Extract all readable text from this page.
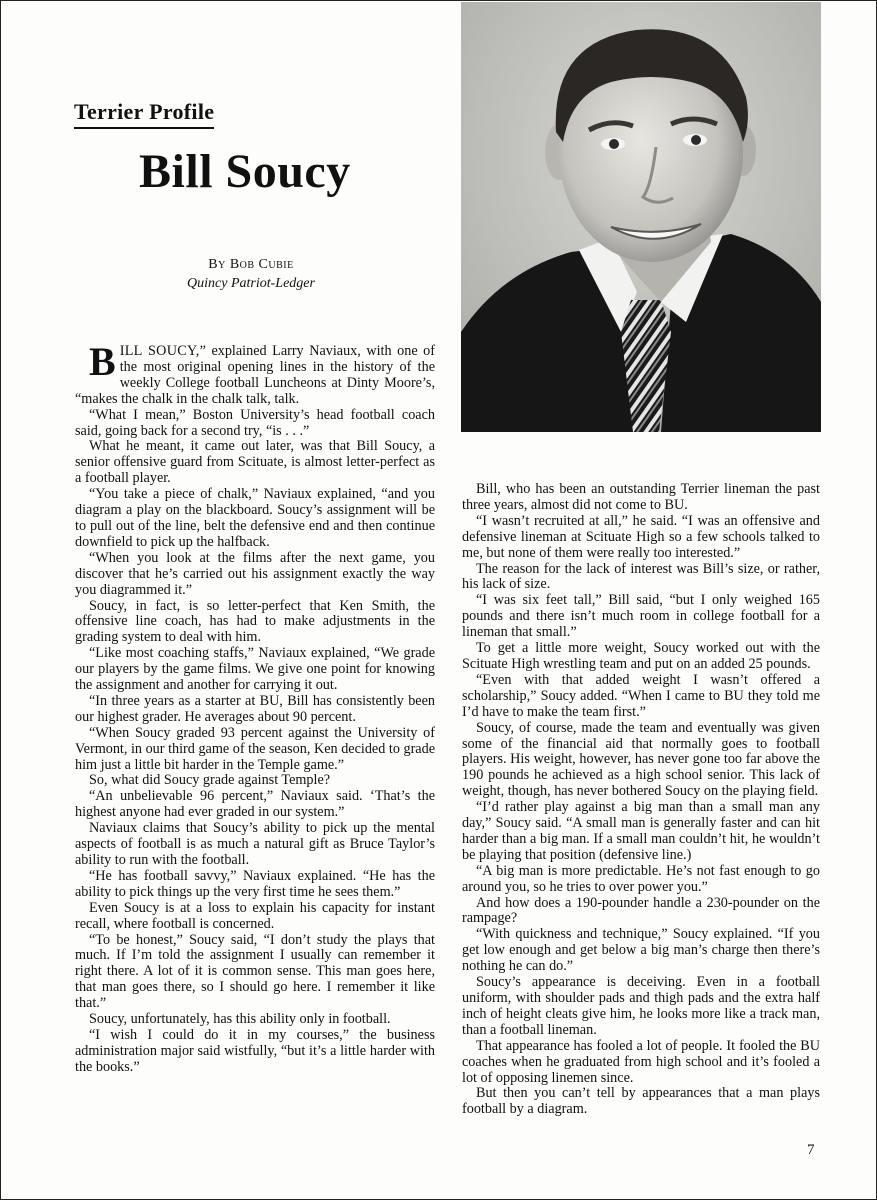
Terrier Profile
Bill Soucy
By Bob Cubie
Quincy Patriot-Ledger

BILL SOUCY,” explained Larry Naviaux, with one of the most original opening lines in the history of the weekly College football Luncheons at Dinty Moore’s, “makes the chalk in the chalk talk, talk.

“What I mean,” Boston University’s head football coach said, going back for a second try, “is . . .”

What he meant, it came out later, was that Bill Soucy, a senior offensive guard from Scituate, is almost letter-perfect as a football player.

“You take a piece of chalk,” Naviaux explained, “and you diagram a play on the blackboard. Soucy’s assignment will be to pull out of the line, belt the defensive end and then continue downfield to pick up the halfback.

“When you look at the films after the next game, you discover that he’s carried out his assignment exactly the way you diagrammed it.”

Soucy, in fact, is so letter-perfect that Ken Smith, the offensive line coach, has had to make adjustments in the grading system to deal with him.

“Like most coaching staffs,” Naviaux explained, “We grade our players by the game films. We give one point for knowing the assignment and another for carrying it out.

“In three years as a starter at BU, Bill has consistently been our highest grader. He averages about 90 percent.

“When Soucy graded 93 percent against the University of Vermont, in our third game of the season, Ken decided to grade him just a little bit harder in the Temple game.”

So, what did Soucy grade against Temple?

“An unbelievable 96 percent,” Naviaux said. ‘That’s the highest anyone had ever graded in our system.”

Naviaux claims that Soucy’s ability to pick up the mental aspects of football is as much a natural gift as Bruce Taylor’s ability to run with the football.

“He has football savvy,” Naviaux explained. “He has the ability to pick things up the very first time he sees them.”

Even Soucy is at a loss to explain his capacity for instant recall, where football is concerned.

“To be honest,” Soucy said, “I don’t study the plays that much. If I’m told the assignment I usually can remember it right there. A lot of it is common sense. This man goes here, that man goes there, so I should go here. I remember it like that.”

Soucy, unfortunately, has this ability only in football.

“I wish I could do it in my courses,” the business administration major said wistfully, “but it’s a little harder with the books.”

Bill, who has been an outstanding Terrier lineman the past three years, almost did not come to BU.

“I wasn’t recruited at all,” he said. “I was an offensive and defensive lineman at Scituate High so a few schools talked to me, but none of them were really too interested.”

The reason for the lack of interest was Bill’s size, or rather, his lack of size.

“I was six feet tall,” Bill said, “but I only weighed 165 pounds and there isn’t much room in college football for a lineman that small.”

To get a little more weight, Soucy worked out with the Scituate High wrestling team and put on an added 25 pounds.

“Even with that added weight I wasn’t offered a scholarship,” Soucy added. “When I came to BU they told me I’d have to make the team first.”

Soucy, of course, made the team and eventually was given some of the financial aid that normally goes to football players. His weight, however, has never gone too far above the 190 pounds he achieved as a high school senior. This lack of weight, though, has never bothered Soucy on the playing field.

“I’d rather play against a big man than a small man any day,” Soucy said. “A small man is generally faster and can hit harder than a big man. If a small man couldn’t hit, he wouldn’t be playing that position (defensive line.)

“A big man is more predictable. He’s not fast enough to go around you, so he tries to over power you.”

And how does a 190-pounder handle a 230-pounder on the rampage?

“With quickness and technique,” Soucy explained. “If you get low enough and get below a big man’s charge then there’s nothing he can do.”

Soucy’s appearance is deceiving. Even in a football uniform, with shoulder pads and thigh pads and the extra half inch of height cleats give him, he looks more like a track man, than a football lineman.

That appearance has fooled a lot of people. It fooled the BU coaches when he graduated from high school and it’s fooled a lot of opposing linemen since.

But then you can’t tell by appearances that a man plays football by a diagram.

7
